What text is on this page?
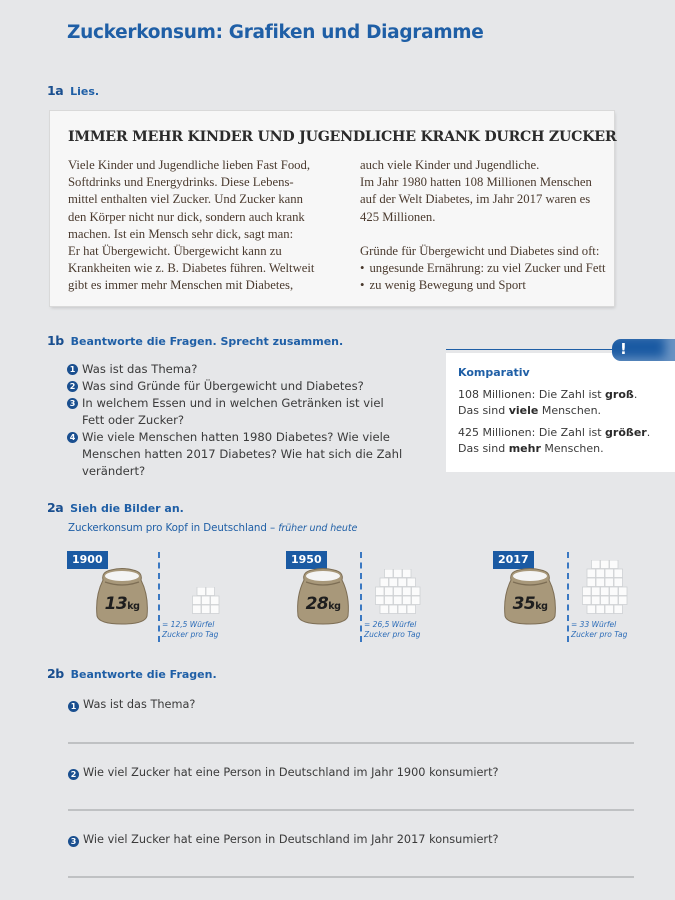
Zuckerkonsum: Grafiken und Diagramme
1a Lies.
IMMER MEHR KINDER UND JUGENDLICHE KRANK DURCH ZUCKER
Viele Kinder und Jugendliche lieben Fast Food,
Softdrinks und Energydrinks. Diese Lebens-
mittel enthalten viel Zucker. Und Zucker kann
den Körper nicht nur dick, sondern auch krank
machen. Ist ein Mensch sehr dick, sagt man:
Er hat Übergewicht. Übergewicht kann zu
Krankheiten wie z. B. Diabetes führen. Weltweit
gibt es immer mehr Menschen mit Diabetes,
auch viele Kinder und Jugendliche.
Im Jahr 1980 hatten 108 Millionen Menschen
auf der Welt Diabetes, im Jahr 2017 waren es
425 Millionen.
Gründe für Übergewicht und Diabetes sind oft:
• ungesunde Ernährung: zu viel Zucker und Fett
• zu wenig Bewegung und Sport
1b Beantworte die Fragen. Sprecht zusammen.
1 Was ist das Thema?
2 Was sind Gründe für Übergewicht und Diabetes?
3 In welchem Essen und in welchen Getränken ist viel Fett oder Zucker?
4 Wie viele Menschen hatten 1980 Diabetes? Wie viele Menschen hatten 2017 Diabetes? Wie hat sich die Zahl verändert?
Komparativ
108 Millionen: Die Zahl ist groß.
Das sind viele Menschen.
425 Millionen: Die Zahl ist größer.
Das sind mehr Menschen.
!
2a Sieh die Bilder an.
Zuckerkonsum pro Kopf in Deutschland – früher und heute
1900
13kg
= 12,5 Würfel
Zucker pro Tag
1950
28kg
= 26,5 Würfel
Zucker pro Tag
2017
35kg
= 33 Würfel
Zucker pro Tag
2b Beantworte die Fragen.
1 Was ist das Thema?
2 Wie viel Zucker hat eine Person in Deutschland im Jahr 1900 konsumiert?
3 Wie viel Zucker hat eine Person in Deutschland im Jahr 2017 konsumiert?
